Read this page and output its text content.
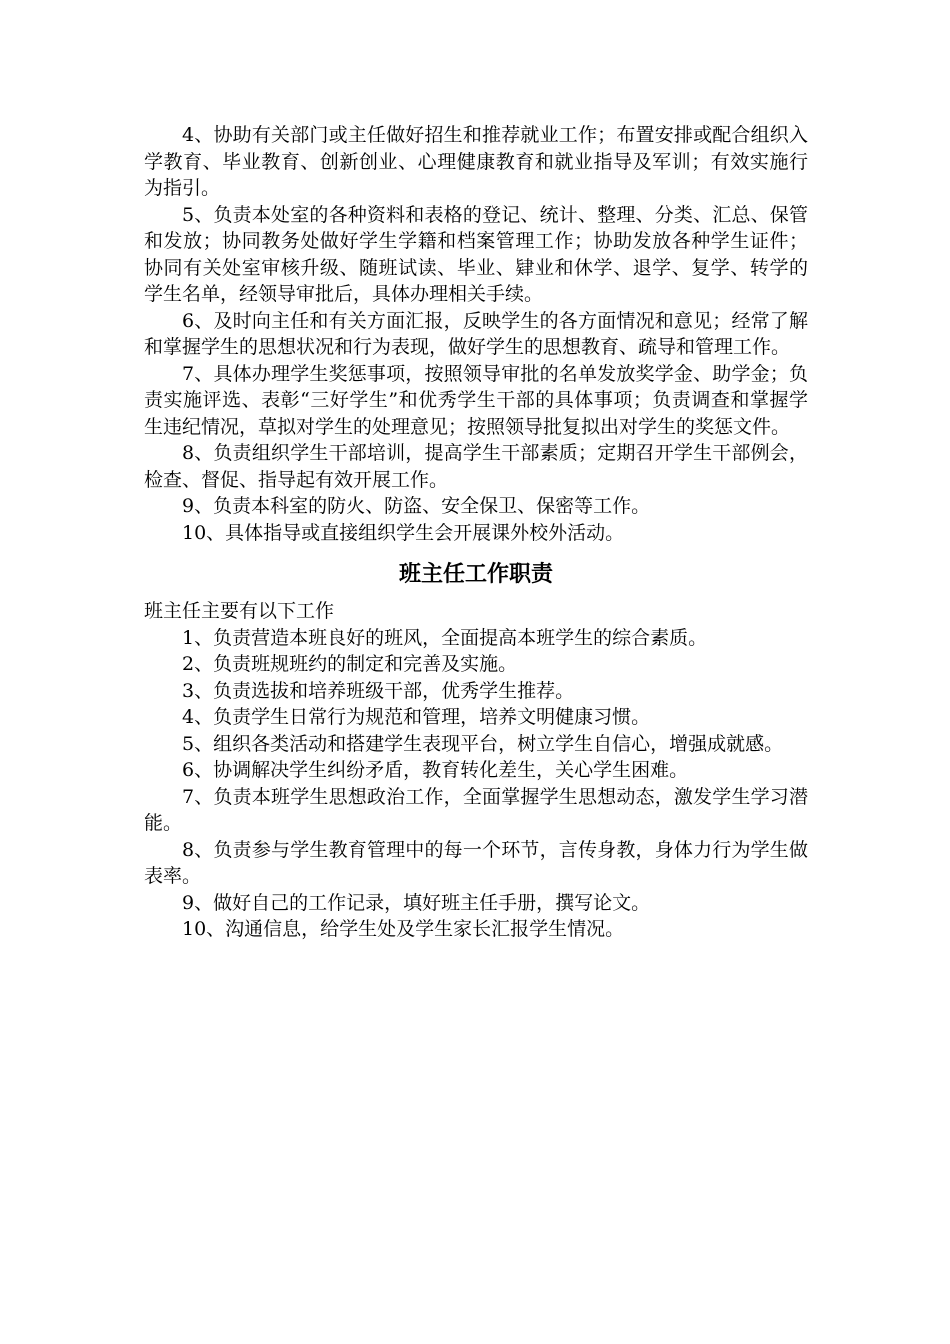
4、协助有关部门或主任做好招生和推荐就业工作；布置安排或配合组织入学教育、毕业教育、创新创业、心理健康教育和就业指导及军训；有效实施行为指引。

5、负责本处室的各种资料和表格的登记、统计、整理、分类、汇总、保管和发放；协同教务处做好学生学籍和档案管理工作；协助发放各种学生证件；协同有关处室审核升级、随班试读、毕业、肄业和休学、退学、复学、转学的学生名单，经领导审批后，具体办理相关手续。

6、及时向主任和有关方面汇报，反映学生的各方面情况和意见；经常了解和掌握学生的思想状况和行为表现，做好学生的思想教育、疏导和管理工作。

7、具体办理学生奖惩事项，按照领导审批的名单发放奖学金、助学金；负责实施评选、表彰“三好学生”和优秀学生干部的具体事项；负责调查和掌握学生违纪情况，草拟对学生的处理意见；按照领导批复拟出对学生的奖惩文件。

8、负责组织学生干部培训，提高学生干部素质；定期召开学生干部例会，检查、督促、指导起有效开展工作。

9、负责本科室的防火、防盗、安全保卫、保密等工作。

10、具体指导或直接组织学生会开展课外校外活动。

班主任工作职责

班主任主要有以下工作

1、负责营造本班良好的班风，全面提高本班学生的综合素质。

2、负责班规班约的制定和完善及实施。

3、负责选拔和培养班级干部，优秀学生推荐。

4、负责学生日常行为规范和管理，培养文明健康习惯。

5、组织各类活动和搭建学生表现平台，树立学生自信心，增强成就感。

6、协调解决学生纠纷矛盾，教育转化差生，关心学生困难。

7、负责本班学生思想政治工作，全面掌握学生思想动态，激发学生学习潜能。

8、负责参与学生教育管理中的每一个环节，言传身教，身体力行为学生做表率。

9、做好自己的工作记录，填好班主任手册，撰写论文。

10、沟通信息，给学生处及学生家长汇报学生情况。
